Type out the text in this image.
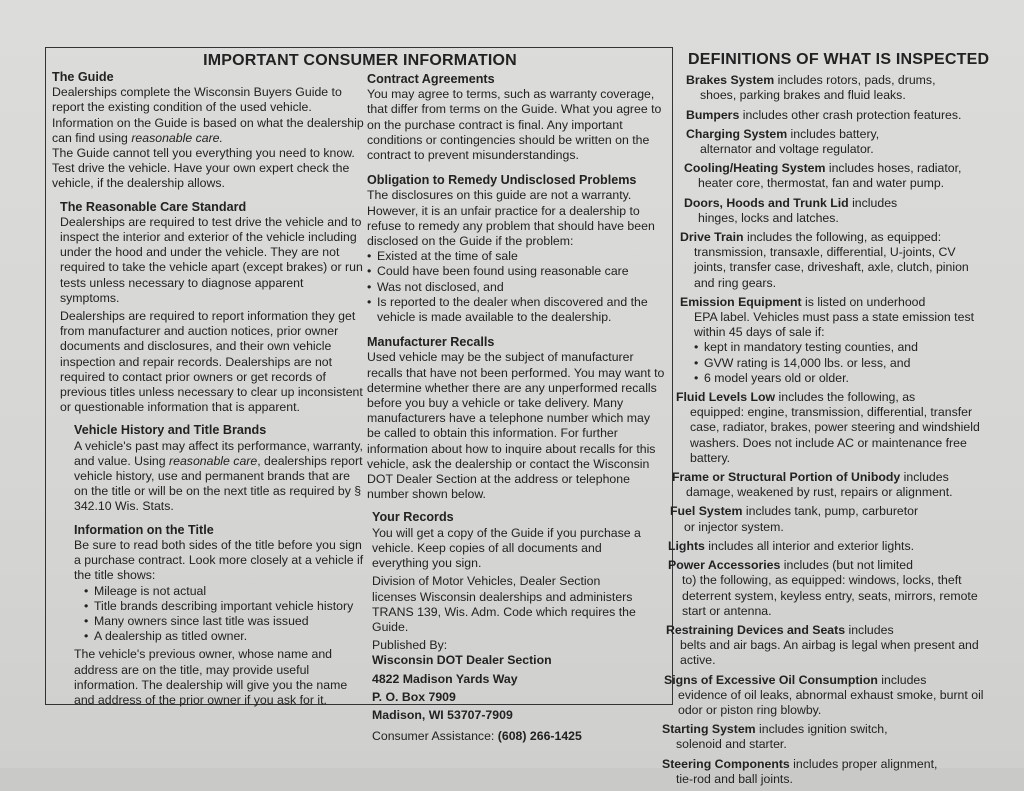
IMPORTANT CONSUMER INFORMATION
The Guide

Dealerships complete the Wisconsin Buyers Guide to report the existing condition of the used vehicle. Information on the Guide is based on what the dealership can find using reasonable care.

The Guide cannot tell you everything you need to know. Test drive the vehicle. Have your own expert check the vehicle, if the dealership allows.

The Reasonable Care Standard

Dealerships are required to test drive the vehicle and to inspect the interior and exterior of the vehicle including under the hood and under the vehicle. They are not required to take the vehicle apart (except brakes) or run tests unless necessary to diagnose apparent symptoms.

Dealerships are required to report information they get from manufacturer and auction notices, prior owner documents and disclosures, and their own vehicle inspection and repair records. Dealerships are not required to contact prior owners or get records of previous titles unless necessary to clear up inconsistent or questionable information that is apparent.

Vehicle History and Title Brands

A vehicle's past may affect its performance, warranty, and value. Using reasonable care, dealerships report vehicle history, use and permanent brands that are on the title or will be on the next title as required by § 342.10 Wis. Stats.

Information on the Title

Be sure to read both sides of the title before you sign a purchase contract. Look more closely at a vehicle if the title shows:

• Mileage is not actual
• Title brands describing important vehicle history
• Many owners since last title was issued
• A dealership as titled owner.

The vehicle's previous owner, whose name and address are on the title, may provide useful information. The dealership will give you the name and address of the prior owner if you ask for it.

Contract Agreements

You may agree to terms, such as warranty coverage, that differ from terms on the Guide. What you agree to on the purchase contract is final. Any important conditions or contingencies should be written on the contract to prevent misunderstandings.

Obligation to Remedy Undisclosed Problems

The disclosures on this guide are not a warranty. However, it is an unfair practice for a dealership to refuse to remedy any problem that should have been disclosed on the Guide if the problem:

• Existed at the time of sale
• Could have been found using reasonable care
• Was not disclosed, and
• Is reported to the dealer when discovered and the vehicle is made available to the dealership.
Manufacturer Recalls

Used vehicle may be the subject of manufacturer recalls that have not been performed. You may want to determine whether there are any unperformed recalls before you buy a vehicle or take delivery. Many manufacturers have a telephone number which may be called to obtain this information. For further information about how to inquire about recalls for this vehicle, ask the dealership or contact the Wisconsin DOT Dealer Section at the address or telephone number shown below.

Your Records

You will get a copy of the Guide if you purchase a vehicle. Keep copies of all documents and everything you sign.

Division of Motor Vehicles, Dealer Section licenses Wisconsin dealerships and administers TRANS 139, Wis. Adm. Code which requires the Guide.

Published By:

Wisconsin DOT Dealer Section

4822 Madison Yards Way

P. O. Box 7909

Madison, WI 53707-7909

Consumer Assistance: (608) 266-1425

DEFINITIONS OF WHAT IS INSPECTED
Brakes System includes rotors, pads, drums,
shoes, parking brakes and fluid leaks.
Bumpers includes other crash protection features.
Charging System includes battery,
alternator and voltage regulator.
Cooling/Heating System includes hoses, radiator,
heater core, thermostat, fan and water pump.
Doors, Hoods and Trunk Lid includes
hinges, locks and latches.
Drive Train includes the following, as equipped:
transmission, transaxle, differential, U-joints, CV joints, transfer case, driveshaft, axle, clutch, pinion and ring gears.
Emission Equipment is listed on underhood
EPA label. Vehicles must pass a state emission test within 45 days of sale if:
• kept in mandatory testing counties, and
• GVW rating is 14,000 lbs. or less, and
• 6 model years old or older.
Fluid Levels Low includes the following, as
equipped: engine, transmission, differential, transfer case, radiator, brakes, power steering and windshield washers. Does not include AC or maintenance free battery.
Frame or Structural Portion of Unibody includes
damage, weakened by rust, repairs or alignment.
Fuel System includes tank, pump, carburetor
or injector system.
Lights includes all interior and exterior lights.
Power Accessories includes (but not limited
to) the following, as equipped: windows, locks, theft deterrent system, keyless entry, seats, mirrors, remote start or antenna.
Restraining Devices and Seats includes
belts and air bags. An airbag is legal when present and active.
Signs of Excessive Oil Consumption includes
evidence of oil leaks, abnormal exhaust smoke, burnt oil odor or piston ring blowby.
Starting System includes ignition switch,
solenoid and starter.
Steering Components includes proper alignment,
tie-rod and ball joints.
